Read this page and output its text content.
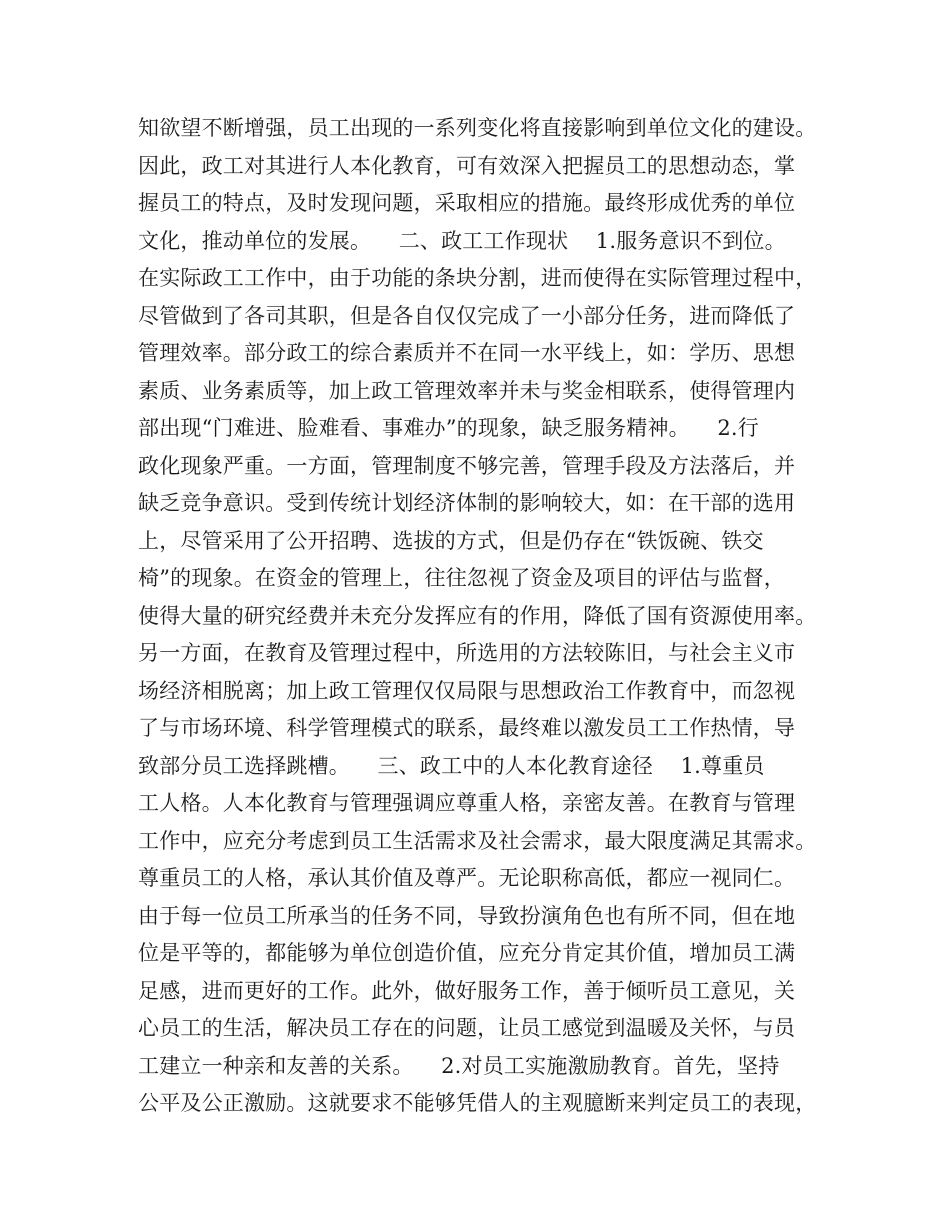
知欲望不断增强，员工出现的一系列变化将直接影响到单位文化的建设。
因此，政工对其进行人本化教育，可有效深入把握员工的思想动态，掌
握员工的特点，及时发现问题，采取相应的措施。最终形成优秀的单位
文化，推动单位的发展。    二、政工工作现状    1.服务意识不到位。
在实际政工工作中，由于功能的条块分割，进而使得在实际管理过程中，
尽管做到了各司其职，但是各自仅仅完成了一小部分任务，进而降低了
管理效率。部分政工的综合素质并不在同一水平线上，如：学历、思想
素质、业务素质等，加上政工管理效率并未与奖金相联系，使得管理内
部出现“门难进、脸难看、事难办”的现象，缺乏服务精神。    2.行
政化现象严重。一方面，管理制度不够完善，管理手段及方法落后，并
缺乏竞争意识。受到传统计划经济体制的影响较大，如：在干部的选用
上，尽管采用了公开招聘、选拔的方式，但是仍存在“铁饭碗、铁交
椅”的现象。在资金的管理上，往往忽视了资金及项目的评估与监督，
使得大量的研究经费并未充分发挥应有的作用，降低了国有资源使用率。
另一方面，在教育及管理过程中，所选用的方法较陈旧，与社会主义市
场经济相脱离；加上政工管理仅仅局限与思想政治工作教育中，而忽视
了与市场环境、科学管理模式的联系，最终难以激发员工工作热情，导
致部分员工选择跳槽。    三、政工中的人本化教育途径    1.尊重员
工人格。人本化教育与管理强调应尊重人格，亲密友善。在教育与管理
工作中，应充分考虑到员工生活需求及社会需求，最大限度满足其需求。
尊重员工的人格，承认其价值及尊严。无论职称高低，都应一视同仁。
由于每一位员工所承当的任务不同，导致扮演角色也有所不同，但在地
位是平等的，都能够为单位创造价值，应充分肯定其价值，增加员工满
足感，进而更好的工作。此外，做好服务工作，善于倾听员工意见，关
心员工的生活，解决员工存在的问题，让员工感觉到温暖及关怀，与员
工建立一种亲和友善的关系。    2.对员工实施激励教育。首先，坚持
公平及公正激励。这就要求不能够凭借人的主观臆断来判定员工的表现，
